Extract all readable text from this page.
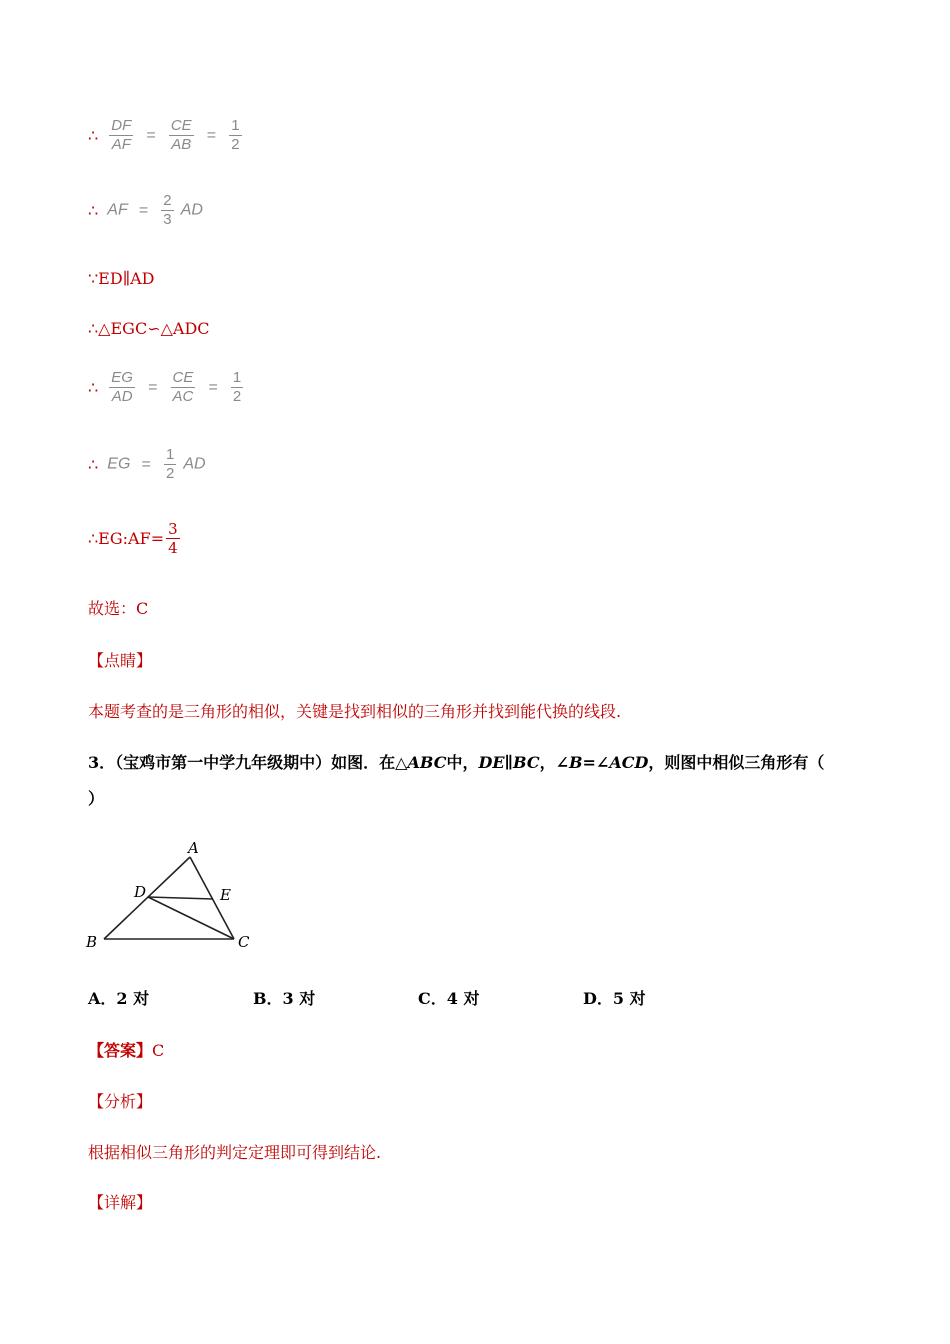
∴ $\frac{DF}{AF} = \frac{CE}{AB} = \frac{1}{2}$
∴ AF = $\frac{2}{3}$ AD
∵ED∥AD
∴△EGC∽△ADC
∴ $\frac{EG}{AD} = \frac{CE}{AC} = \frac{1}{2}$
∴ EG = $\frac{1}{2}$ AD
∴EG:AF= $\frac{3}{4}$
故选：C
【点睛】
本题考查的是三角形的相似，关键是找到相似的三角形并找到能代换的线段.
3．（宝鸡市第一中学九年级期中）如图．在△ABC中，DE∥BC，∠B=∠ACD，则图中相似三角形有（
）
A
D	E
B	C
A．2 对	B．3 对	C．4 对	D．5 对
【答案】C
【分析】
根据相似三角形的判定定理即可得到结论.
【详解】
